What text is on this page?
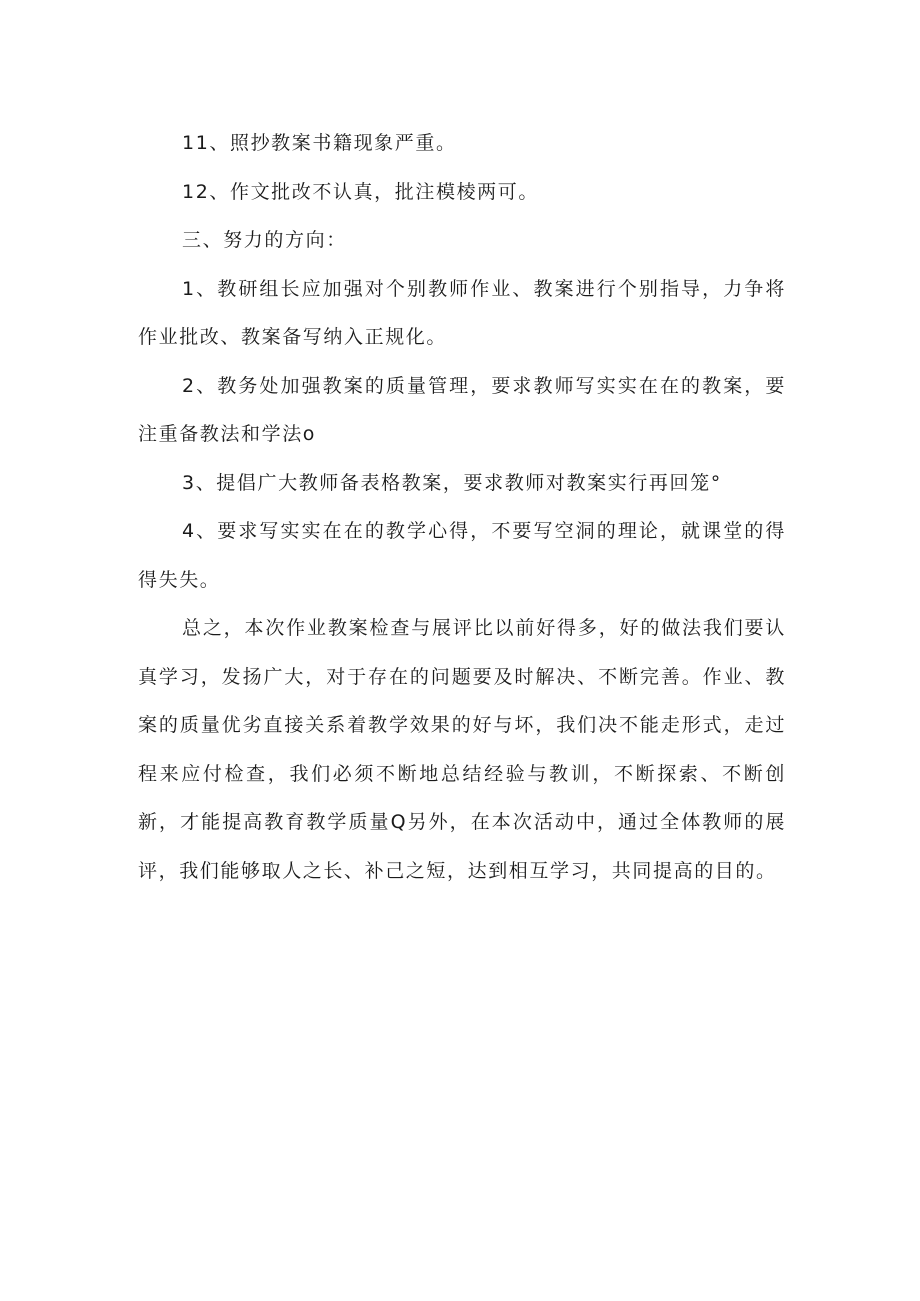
11、照抄教案书籍现象严重。

12、作文批改不认真，批注模棱两可。

三、努力的方向：

1、教研组长应加强对个别教师作业、教案进行个别指导，力争将作业批改、教案备写纳入正规化。

2、教务处加强教案的质量管理，要求教师写实实在在的教案，要注重备教法和学法o

3、提倡广大教师备表格教案，要求教师对教案实行再回笼°

4、要求写实实在在的教学心得，不要写空洞的理论，就课堂的得得失失。

总之，本次作业教案检查与展评比以前好得多，好的做法我们要认真学习，发扬广大，对于存在的问题要及时解决、不断完善。作业、教案的质量优劣直接关系着教学效果的好与坏，我们决不能走形式，走过程来应付检查，我们必须不断地总结经验与教训，不断探索、不断创新，才能提高教育教学质量Q另外，在本次活动中，通过全体教师的展评，我们能够取人之长、补己之短，达到相互学习，共同提高的目的。
